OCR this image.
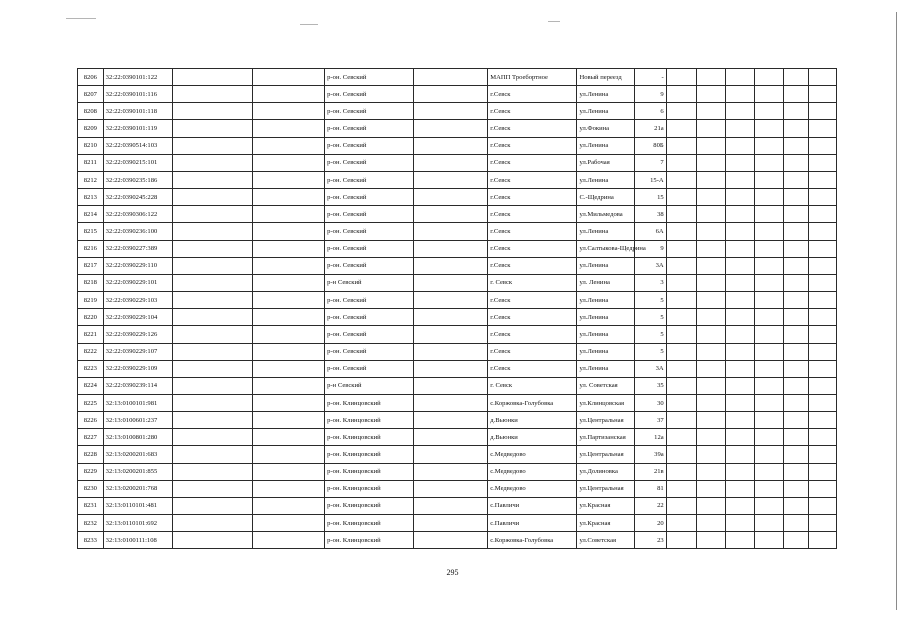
8206	32:22:0390101:122			р-он. Севский		МАПП Троебортное	Новый переезд	-						
8207	32:22:0390101:116			р-он. Севский		г.Севск	ул.Ленина	9						
8208	32:22:0390101:118			р-он. Севский		г.Севск	ул.Ленина	6						
8209	32:22:0390101:119			р-он. Севский		г.Севск	ул.Фокина	21а						
8210	32:22:0390514:103			р-он. Севский		г.Севск	ул.Ленина	80Б						
8211	32:22:0390215:101			р-он. Севский		г.Севск	ул.Рабочая	7						
8212	32:22:0390235:186			р-он. Севский		г.Севск	ул.Ленина	15-А						
8213	32:22:0390245:228			р-он. Севский		г.Севск	С.-Щедрина	15						
8214	32:22:0390306:122			р-он. Севский		г.Севск	ул.Мильмедова	38						
8215	32:22:0390236:100			р-он. Севский		г.Севск	ул.Ленина	6А						
8216	32:22:0390227:389			р-он. Севский		г.Севск	ул.Салтыкова-Щедрина	9						
8217	32:22:0390229:110			р-он. Севский		г.Севск	ул.Ленина	3А						
8218	32:22:0390229:101			р-н Севский		г. Севск	ул. Ленина	3						
8219	32:22:0390229:103			р-он. Севский		г.Севск	ул.Ленина	5						
8220	32:22:0390229:104			р-он. Севский		г.Севск	ул.Ленина	5						
8221	32:22:0390229:126			р-он. Севский		г.Севск	ул.Ленина	5						
8222	32:22:0390229:107			р-он. Севский		г.Севск	ул.Ленина	5						
8223	32:22:0390229:109			р-он. Севский		г.Севск	ул.Ленина	3А						
8224	32:22:0390239:114			р-н Севский		г. Севск	ул. Советская	35						
8225	32:13:0100101:981			р-он. Клинцовский		с.Коржовка-Голубовка	ул.Клинцовская	30						
8226	32:13:0100601:237			р-он. Клинцовский		д.Вьюнки	ул.Центральная	37						
8227	32:13:0100801:280			р-он. Клинцовский		д.Вьюнки	ул.Партизанская	12а						
8228	32:13:0200201:683			р-он. Клинцовский		с.Медведово	ул.Центральная	39а						
8229	32:13:0200201:855			р-он. Клинцовский		с.Медведово	ул.Долиновка	21в						
8230	32:13:0200201:768			р-он. Клинцовский		с.Медведово	ул.Центральная	81						
8231	32:13:0110101:481			р-он. Клинцовский		с.Павличи	ул.Красная	22						
8232	32:13:0110101:692			р-он. Клинцовский		с.Павличи	ул.Красная	20						
8233	32:13:0100111:108			р-он. Клинцовский		с.Коржовка-Голубовка	ул.Советская	23						
295
